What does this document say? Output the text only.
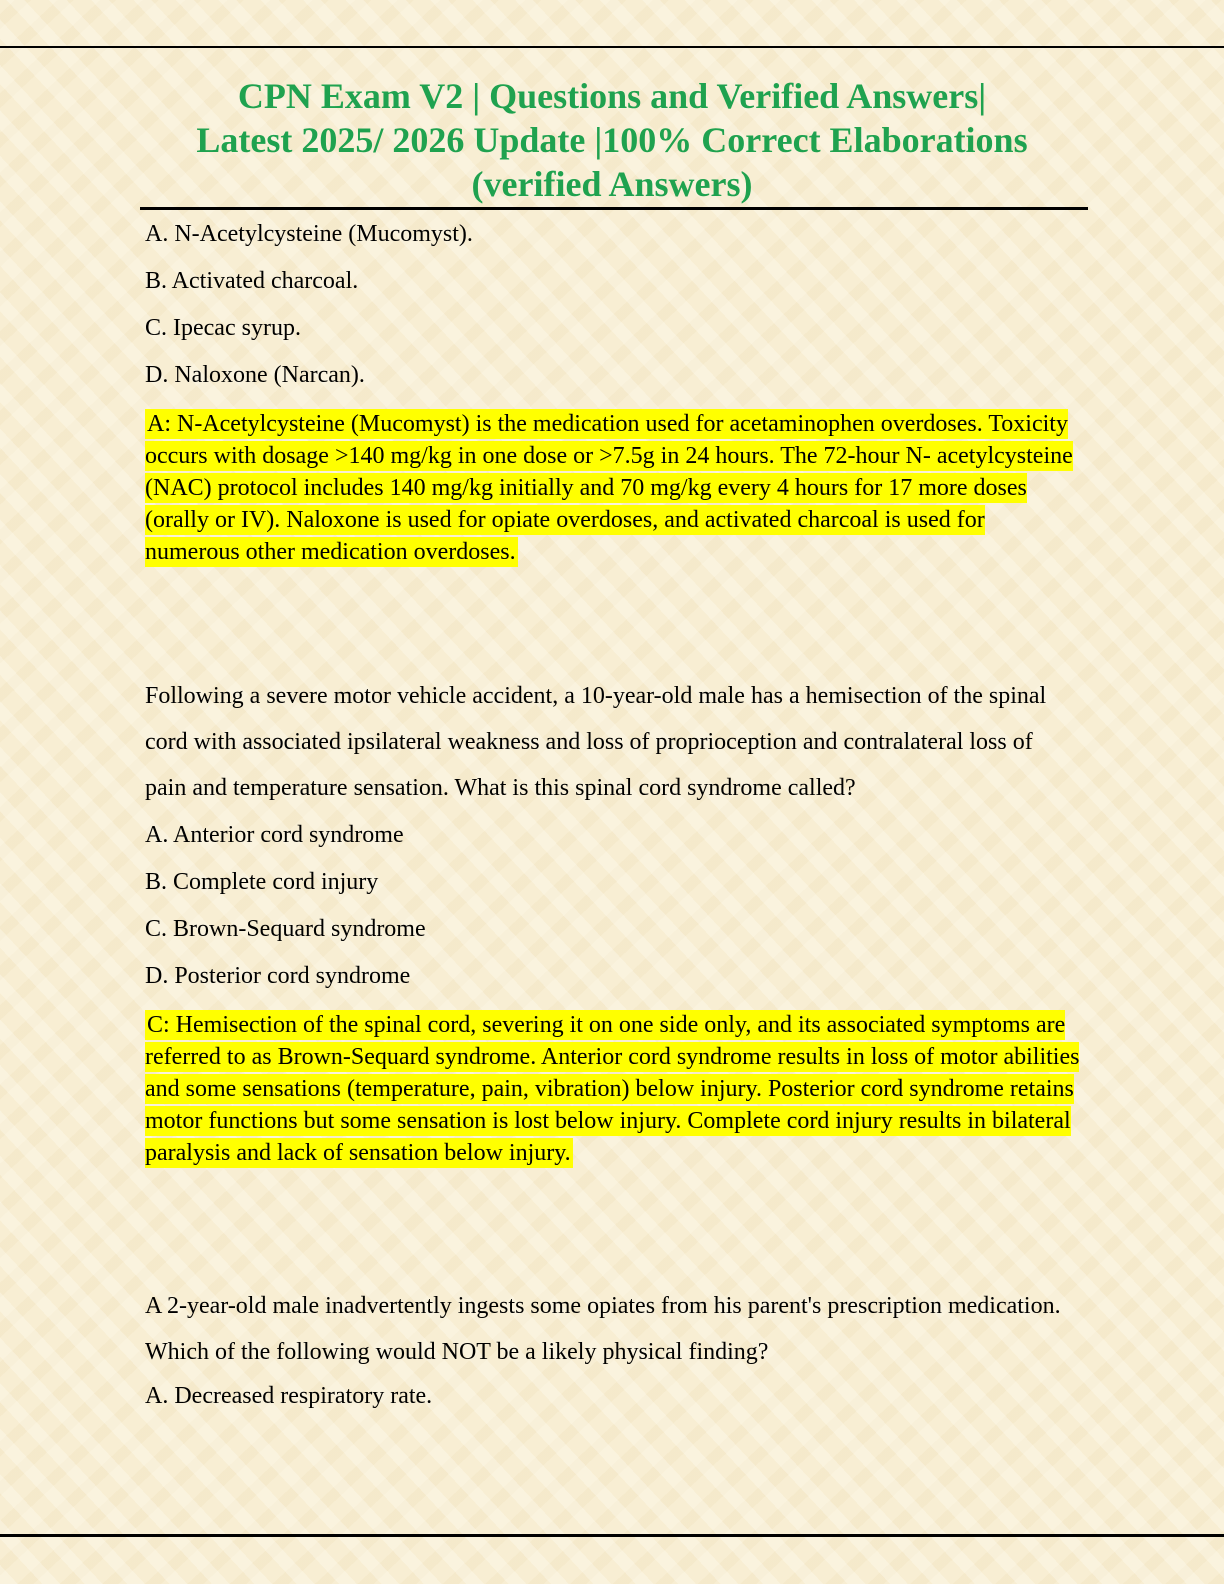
CPN Exam V2 | Questions and Verified Answers|
Latest 2025/ 2026 Update |100% Correct Elaborations
(verified Answers)

A. N-Acetylcysteine (Mucomyst).

B. Activated charcoal.

C. Ipecac syrup.

D. Naloxone (Narcan).

A: N-Acetylcysteine (Mucomyst) is the medication used for acetaminophen overdoses. Toxicity occurs with dosage >140 mg/kg in one dose or >7.5g in 24 hours. The 72-hour N- acetylcysteine (NAC) protocol includes 140 mg/kg initially and 70 mg/kg every 4 hours for 17 more doses (orally or IV). Naloxone is used for opiate overdoses, and activated charcoal is used for numerous other medication overdoses.

Following a severe motor vehicle accident, a 10-year-old male has a hemisection of the spinal cord with associated ipsilateral weakness and loss of proprioception and contralateral loss of pain and temperature sensation. What is this spinal cord syndrome called?

A. Anterior cord syndrome

B. Complete cord injury

C. Brown-Sequard syndrome

D. Posterior cord syndrome

C: Hemisection of the spinal cord, severing it on one side only, and its associated symptoms are referred to as Brown-Sequard syndrome. Anterior cord syndrome results in loss of motor abilities and some sensations (temperature, pain, vibration) below injury. Posterior cord syndrome retains motor functions but some sensation is lost below injury. Complete cord injury results in bilateral paralysis and lack of sensation below injury.

A 2-year-old male inadvertently ingests some opiates from his parent's prescription medication. Which of the following would NOT be a likely physical finding?

A. Decreased respiratory rate.
